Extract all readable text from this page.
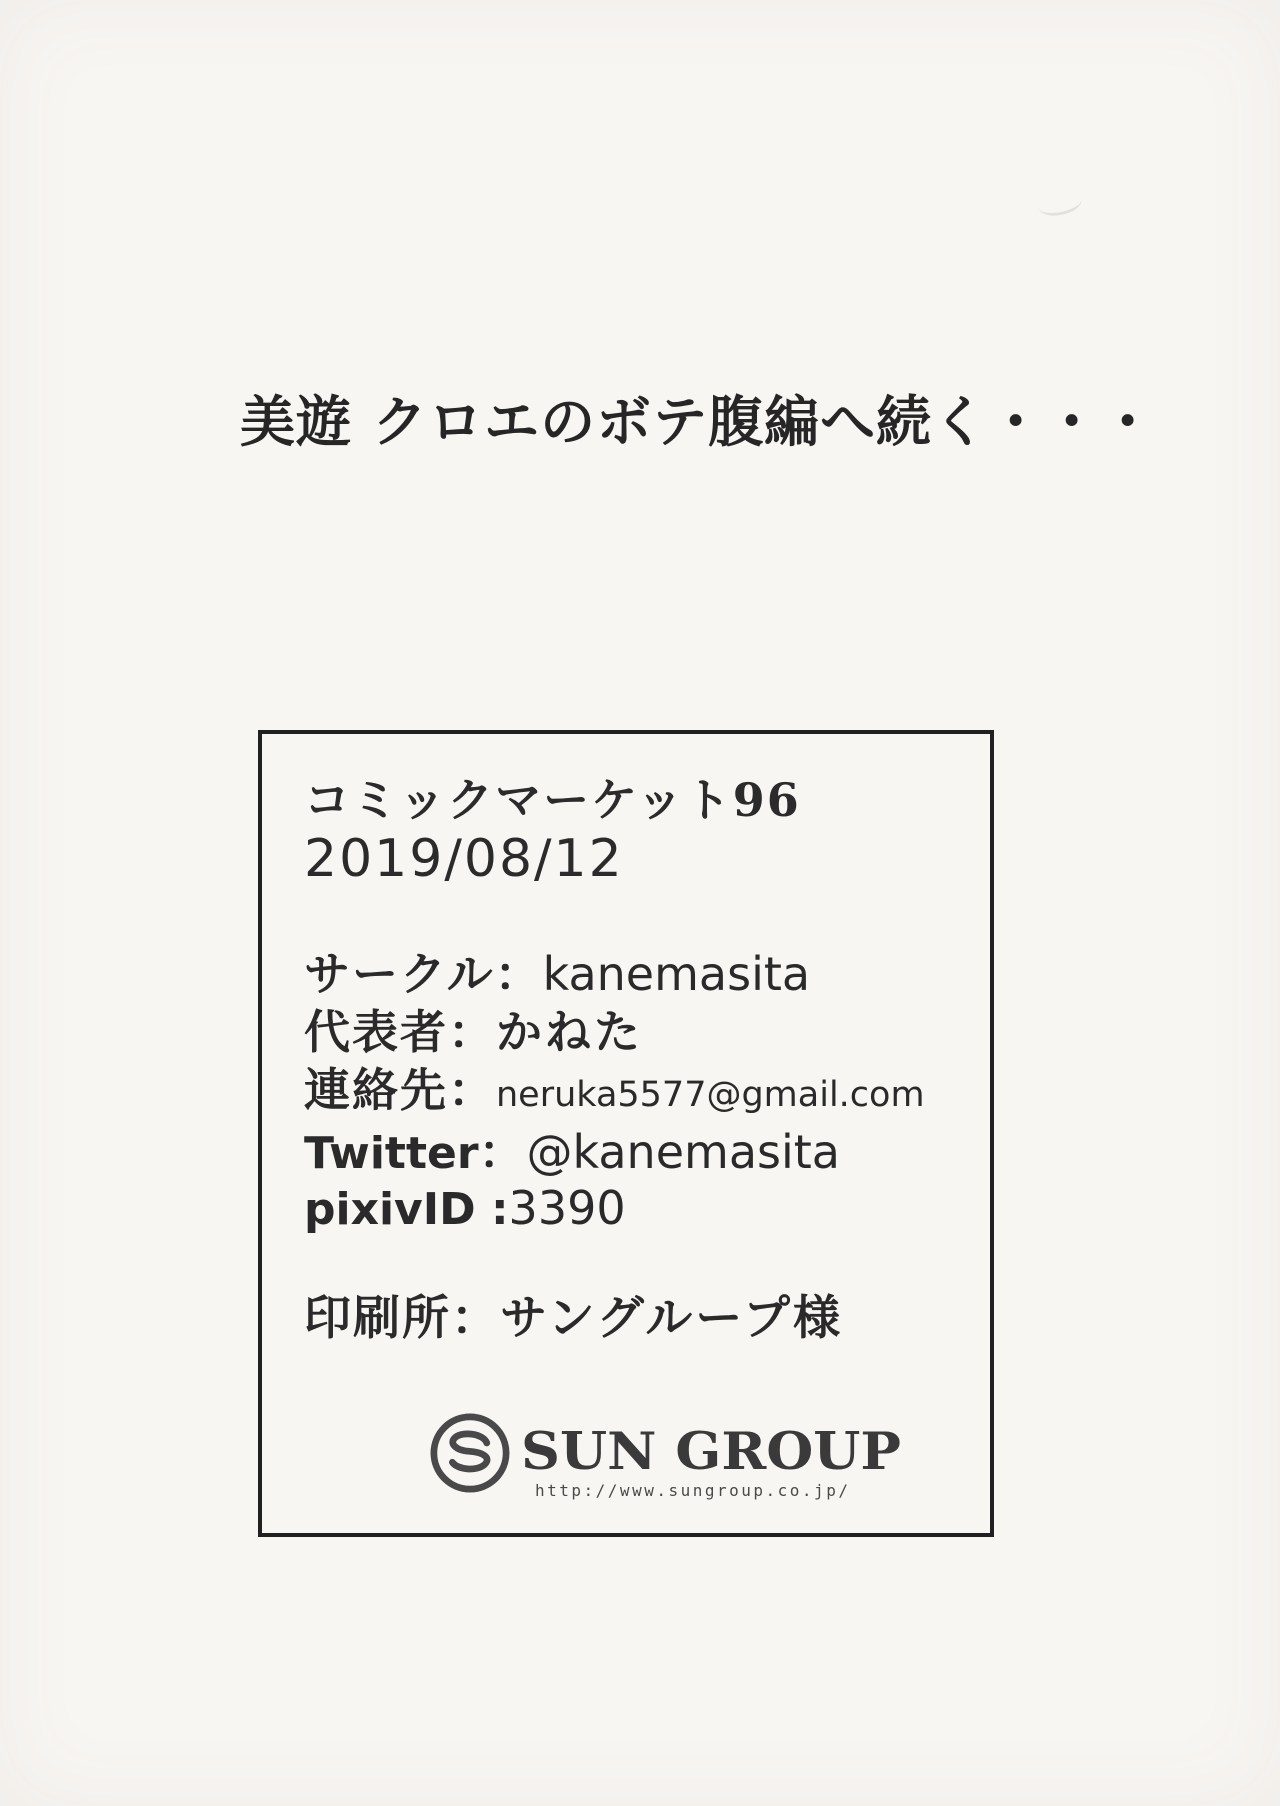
美遊 クロエのボテ腹編へ続く・・・

コミックマーケット96

2019/08/12

サークル：kanemasita

代表者：かねた

連絡先：neruka5577@gmail.com

Twitter：@kanemasita

pixivID :3390

印刷所：サングループ様

SUN GROUP
http://www.sungroup.co.jp/
